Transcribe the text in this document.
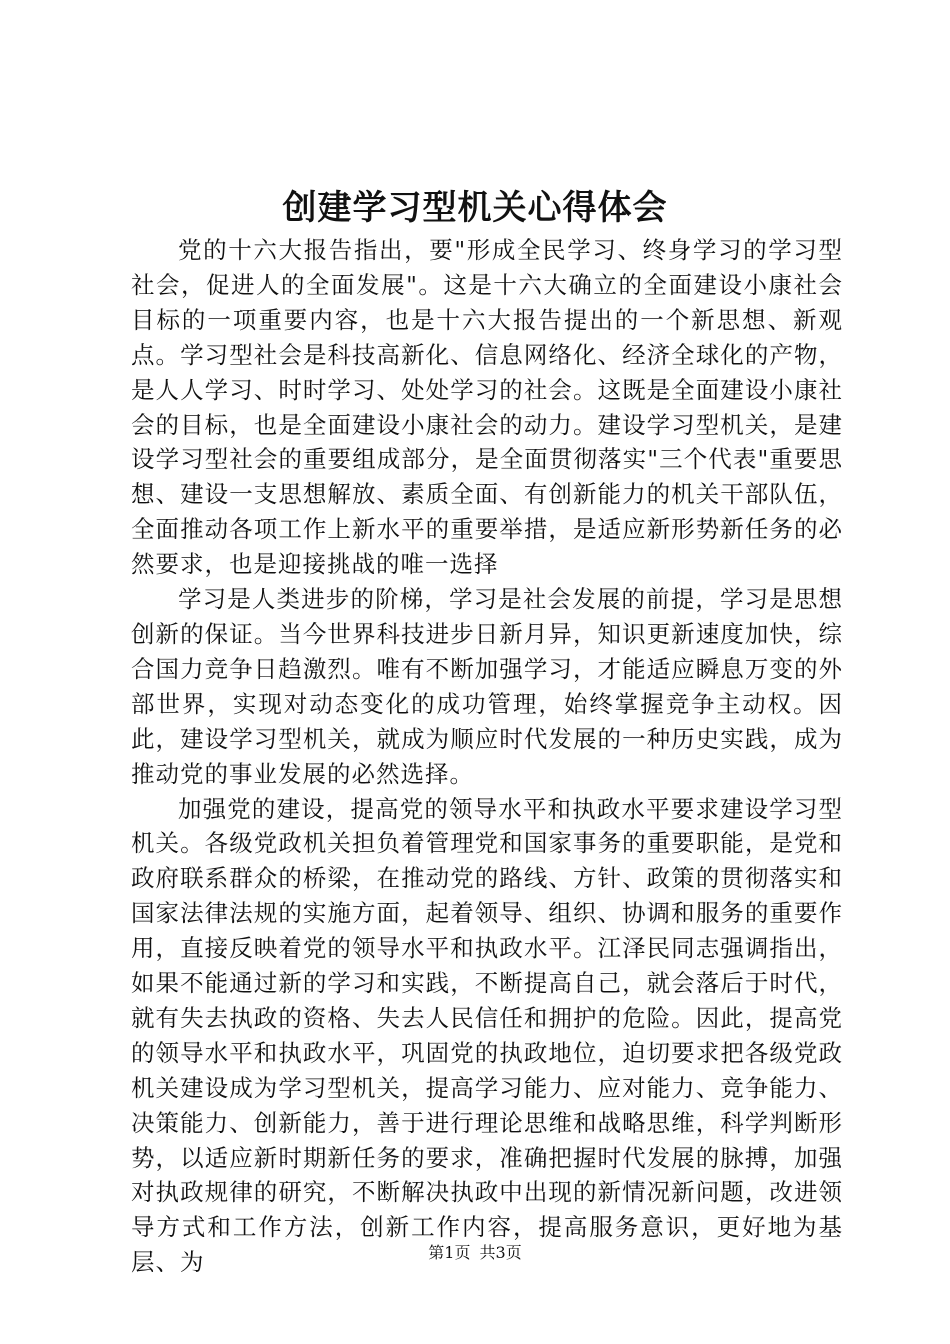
创建学习型机关心得体会

党的十六大报告指出，要"形成全民学习、终身学习的学习型社会，促进人的全面发展"。这是十六大确立的全面建设小康社会目标的一项重要内容，也是十六大报告提出的一个新思想、新观点。学习型社会是科技高新化、信息网络化、经济全球化的产物，是人人学习、时时学习、处处学习的社会。这既是全面建设小康社会的目标，也是全面建设小康社会的动力。建设学习型机关，是建设学习型社会的重要组成部分，是全面贯彻落实"三个代表"重要思想、建设一支思想解放、素质全面、有创新能力的机关干部队伍，全面推动各项工作上新水平的重要举措，是适应新形势新任务的必然要求，也是迎接挑战的唯一选择

学习是人类进步的阶梯，学习是社会发展的前提，学习是思想创新的保证。当今世界科技进步日新月异，知识更新速度加快，综合国力竞争日趋激烈。唯有不断加强学习，才能适应瞬息万变的外部世界，实现对动态变化的成功管理，始终掌握竞争主动权。因此，建设学习型机关，就成为顺应时代发展的一种历史实践，成为推动党的事业发展的必然选择。

加强党的建设，提高党的领导水平和执政水平要求建设学习型机关。各级党政机关担负着管理党和国家事务的重要职能，是党和政府联系群众的桥梁，在推动党的路线、方针、政策的贯彻落实和国家法律法规的实施方面，起着领导、组织、协调和服务的重要作用，直接反映着党的领导水平和执政水平。江泽民同志强调指出，如果不能通过新的学习和实践，不断提高自己，就会落后于时代，就有失去执政的资格、失去人民信任和拥护的危险。因此，提高党的领导水平和执政水平，巩固党的执政地位，迫切要求把各级党政机关建设成为学习型机关，提高学习能力、应对能力、竞争能力、决策能力、创新能力，善于进行理论思维和战略思维，科学判断形势，以适应新时期新任务的要求，准确把握时代发展的脉搏，加强对执政规律的研究，不断解决执政中出现的新情况新问题，改进领导方式和工作方法，创新工作内容，提高服务意识，更好地为基层、为	第1页 共3页
